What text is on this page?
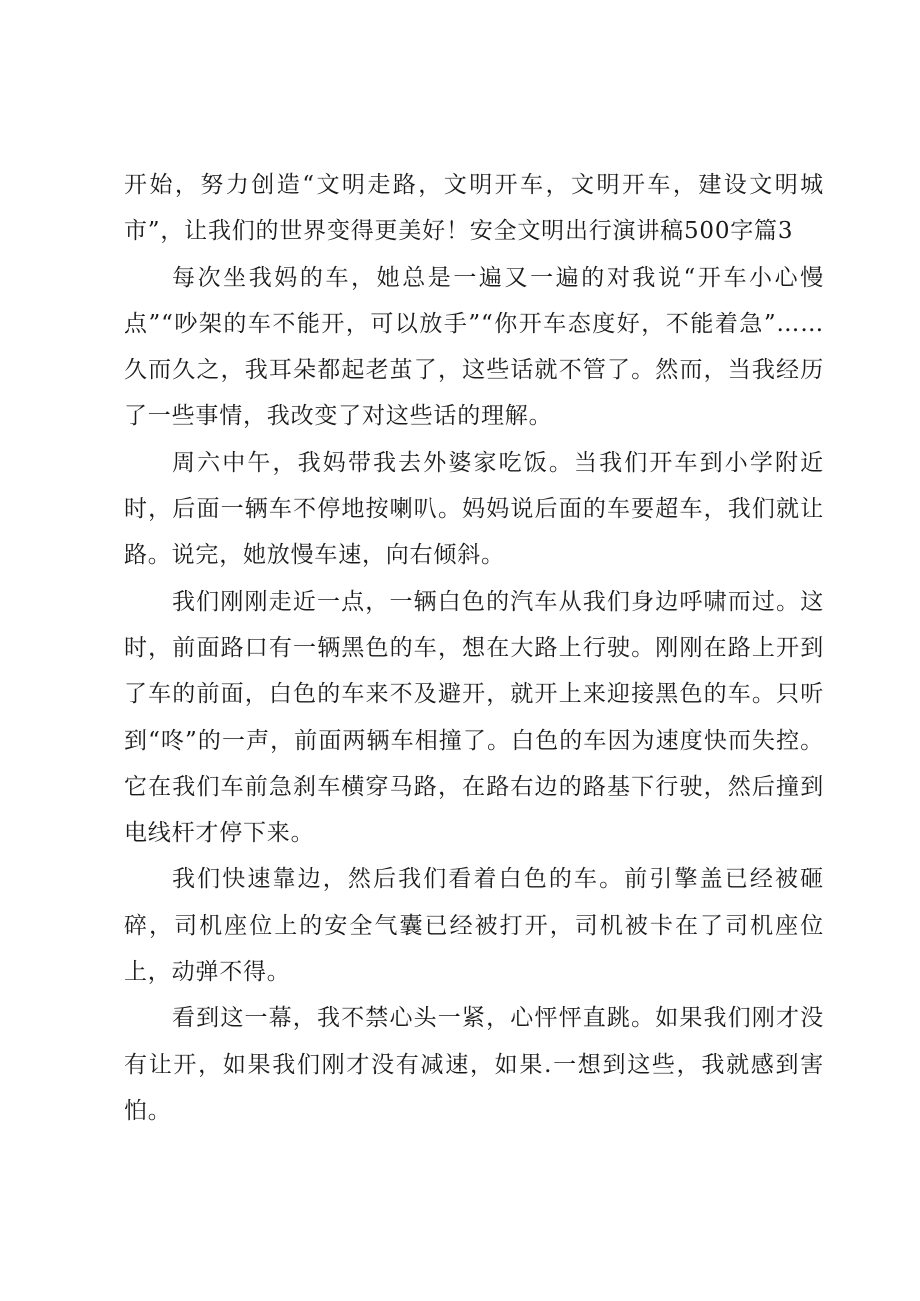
开始，努力创造“文明走路，文明开车，文明开车，建设文明城市”，让我们的世界变得更美好！安全文明出行演讲稿500字篇3

每次坐我妈的车，她总是一遍又一遍的对我说“开车小心慢点”“吵架的车不能开，可以放手”“你开车态度好，不能着急”……久而久之，我耳朵都起老茧了，这些话就不管了。然而，当我经历了一些事情，我改变了对这些话的理解。

周六中午，我妈带我去外婆家吃饭。当我们开车到小学附近时，后面一辆车不停地按喇叭。妈妈说后面的车要超车，我们就让路。说完，她放慢车速，向右倾斜。

我们刚刚走近一点，一辆白色的汽车从我们身边呼啸而过。这时，前面路口有一辆黑色的车，想在大路上行驶。刚刚在路上开到了车的前面，白色的车来不及避开，就开上来迎接黑色的车。只听到“咚”的一声，前面两辆车相撞了。白色的车因为速度快而失控。它在我们车前急刹车横穿马路，在路右边的路基下行驶，然后撞到电线杆才停下来。

我们快速靠边，然后我们看着白色的车。前引擎盖已经被砸碎，司机座位上的安全气囊已经被打开，司机被卡在了司机座位上，动弹不得。

看到这一幕，我不禁心头一紧，心怦怦直跳。如果我们刚才没有让开，如果我们刚才没有减速，如果.一想到这些，我就感到害怕。
